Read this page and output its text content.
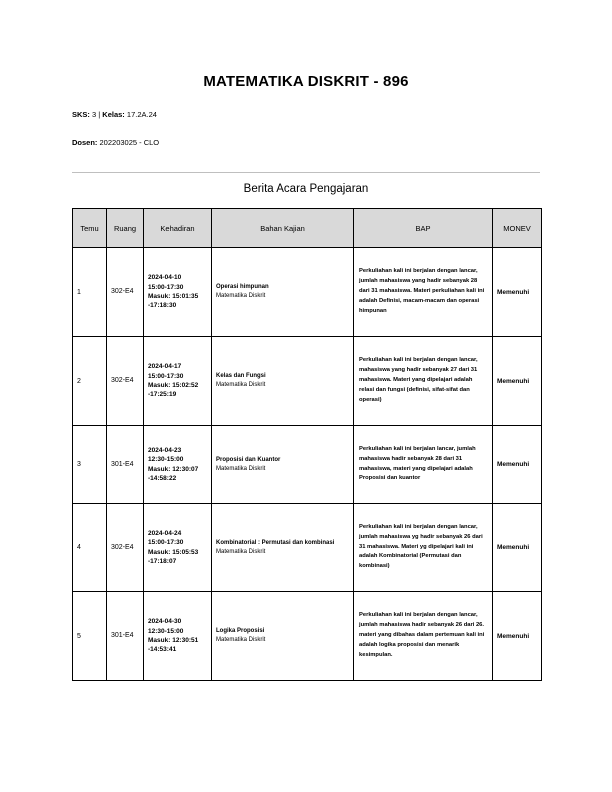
MATEMATIKA DISKRIT - 896
SKS: 3 | Kelas: 17.2A.24
Dosen: 202203025 - CLO
Berita Acara Pengajaran
Temu	Ruang	Kehadiran	Bahan Kajian	BAP	MONEV
1	302-E4	2024-04-10
15:00-17:30
Masuk: 15:01:35
-17:18:30	Operasi himpunan
Matematika Diskrit	Perkuliahan kali ini berjalan dengan lancar, jumlah mahasiswa yang hadir sebanyak 28 dari 31 mahasiswa. Materi perkuliahan kali ini adalah Definisi, macam-macam dan operasi himpunan	Memenuhi
2	302-E4	2024-04-17
15:00-17:30
Masuk: 15:02:52
-17:25:19	Kelas dan Fungsi
Matematika Diskrit	Perkuliahan kali ini berjalan dengan lancar, mahasiswa yang hadir sebanyak 27 dari 31 mahasiswa. Materi yang dipelajari adalah relasi dan fungsi (definisi, sifat-sifat dan operasi)	Memenuhi
3	301-E4	2024-04-23
12:30-15:00
Masuk: 12:30:07
-14:58:22	Proposisi dan Kuantor
Matematika Diskrit	Perkuliahan kali ini berjalan lancar, jumlah mahasiswa hadir sebanyak 28 dari 31 mahasiswa, materi yang dipelajari adalah Proposisi dan kuantor	Memenuhi
4	302-E4	2024-04-24
15:00-17:30
Masuk: 15:05:53
-17:18:07	Kombinatorial : Permutasi dan kombinasi
Matematika Diskrit	Perkuliahan kali ini berjalan dengan lancar, jumlah mahasiswa yg hadir sebanyak 26 dari 31 mahasiswa. Materi yg dipelajari kali ini adalah Kombinatorial (Permutasi dan kombinasi)	Memenuhi
5	301-E4	2024-04-30
12:30-15:00
Masuk: 12:30:51
-14:53:41	Logika Proposisi
Matematika Diskrit	Perkuliahan kali ini berjalan dengan lancar, jumlah mahasiswa hadir sebanyak 26 dari 26. materi yang dibahas dalam pertemuan kali ini adalah logika proposisi dan menarik kesimpulan.	Memenuhi
